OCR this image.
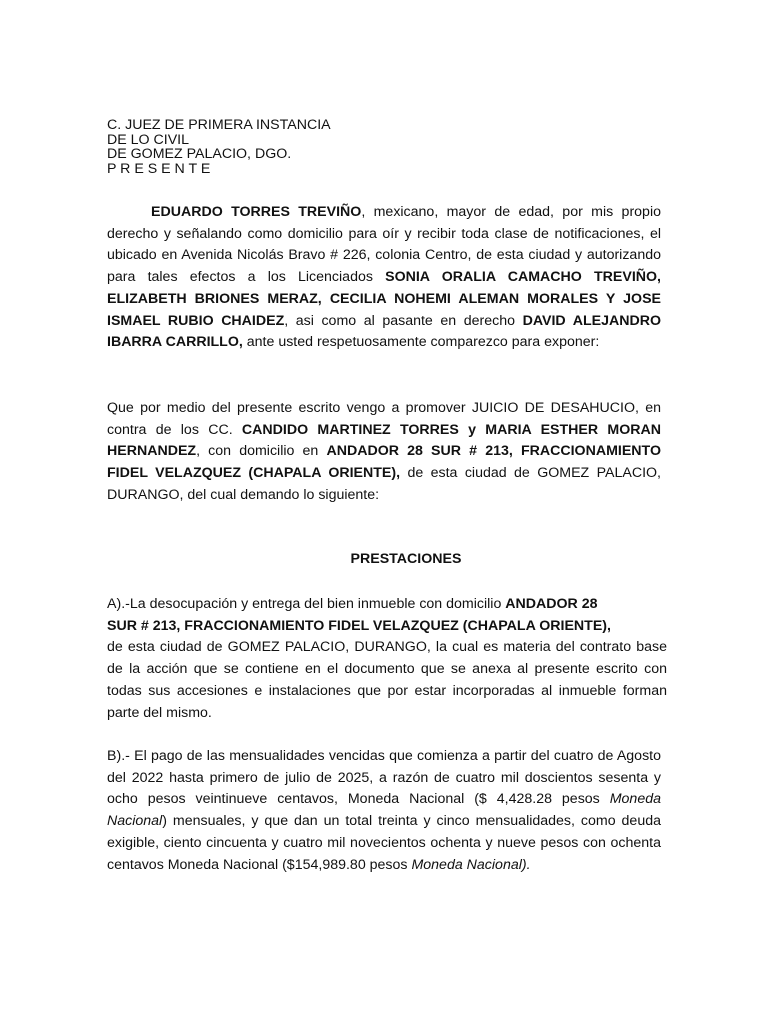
C. JUEZ DE PRIMERA INSTANCIA
DE LO CIVIL
DE GOMEZ PALACIO, DGO.
P R E S E N T E
EDUARDO TORRES TREVIÑO, mexicano, mayor de edad, por mis propio derecho y señalando como domicilio para oír y recibir toda clase de notificaciones, el ubicado en Avenida Nicolás Bravo # 226, colonia Centro, de esta ciudad y autorizando para tales efectos a los Licenciados SONIA ORALIA CAMACHO TREVIÑO, ELIZABETH BRIONES MERAZ, CECILIA NOHEMI ALEMAN MORALES Y JOSE ISMAEL RUBIO CHAIDEZ, asi como al pasante en derecho DAVID ALEJANDRO IBARRA CARRILLO, ante usted respetuosamente comparezco para exponer:
Que por medio del presente escrito vengo a promover JUICIO DE DESAHUCIO, en contra de los CC. CANDIDO MARTINEZ TORRES y MARIA ESTHER MORAN HERNANDEZ, con domicilio en ANDADOR 28 SUR # 213, FRACCIONAMIENTO FIDEL VELAZQUEZ (CHAPALA ORIENTE), de esta ciudad de GOMEZ PALACIO, DURANGO, del cual demando lo siguiente:
PRESTACIONES
A).-La desocupación y entrega del bien inmueble con domicilio ANDADOR 28
SUR # 213, FRACCIONAMIENTO FIDEL VELAZQUEZ (CHAPALA ORIENTE),
de esta ciudad de GOMEZ PALACIO, DURANGO, la cual es materia del contrato base de la acción que se contiene en el documento que se anexa al presente escrito con todas sus accesiones e instalaciones que por estar incorporadas al inmueble forman parte del mismo.
B).- El pago de las mensualidades vencidas que comienza a partir del cuatro de Agosto del 2022 hasta primero de julio de 2025, a razón de cuatro mil doscientos sesenta y ocho pesos veintinueve centavos, Moneda Nacional ($ 4,428.28 pesos Moneda Nacional) mensuales, y que dan un total treinta y cinco mensualidades, como deuda exigible, ciento cincuenta y cuatro mil novecientos ochenta y nueve pesos con ochenta centavos Moneda Nacional ($154,989.80 pesos Moneda Nacional).
